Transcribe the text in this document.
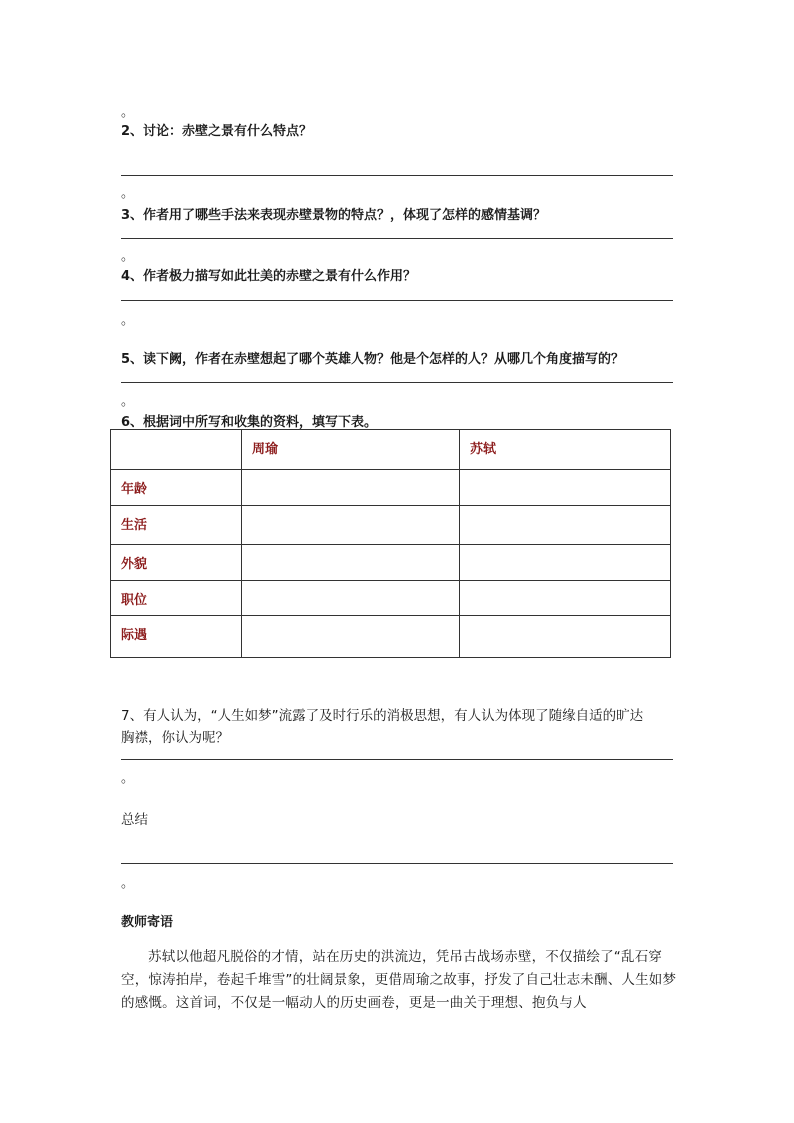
。
2、讨论：赤壁之景有什么特点？
。
3、作者用了哪些手法来表现赤壁景物的特点？，体现了怎样的感情基调？
。
4、作者极力描写如此壮美的赤壁之景有什么作用？
。
5、读下阙，作者在赤壁想起了哪个英雄人物？他是个怎样的人？从哪几个角度描写的？
。
6、根据词中所写和收集的资料，填写下表。

	周瑜	苏轼

年龄		

生活		

外貌		

职位		

际遇		

7、有人认为，“人生如梦”流露了及时行乐的消极思想，有人认为体现了随缘自适的旷达
胸襟，你认为呢？
。
总结
。
教师寄语
苏轼以他超凡脱俗的才情，站在历史的洪流边，凭吊古战场赤壁，不仅描绘了“乱石穿空，惊涛拍岸，卷起千堆雪”的壮阔景象，更借周瑜之故事，抒发了自己壮志未酬、人生如梦的感慨。这首词，不仅是一幅动人的历史画卷，更是一曲关于理想、抱负与人
